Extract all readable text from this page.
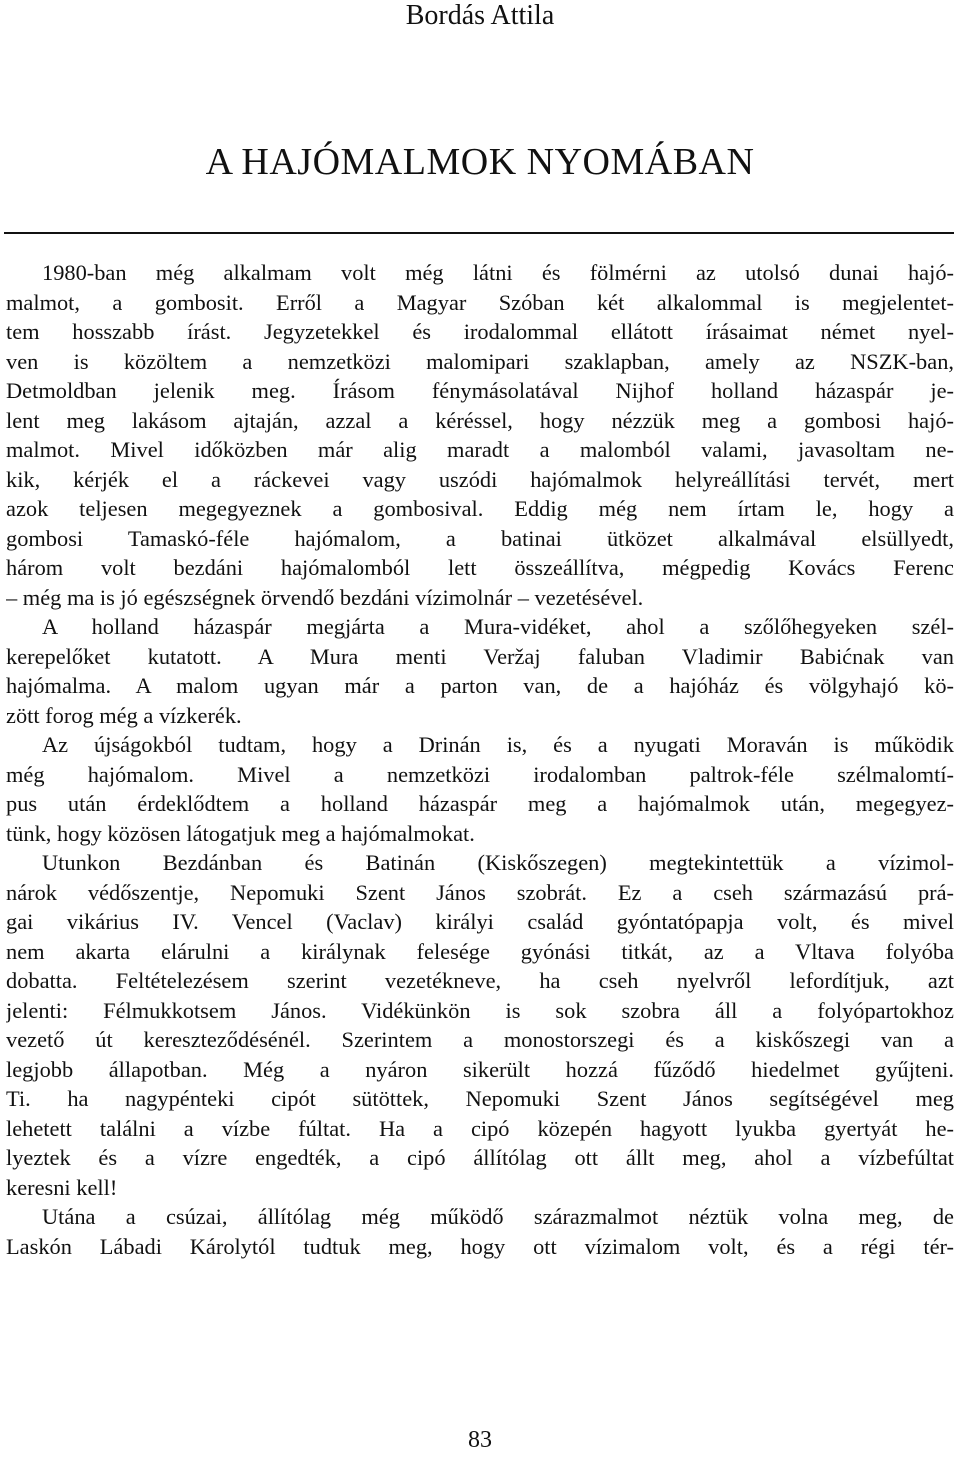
Bordás Attila
A HAJÓMALMOK NYOMÁBAN
1980-ban még alkalmam volt még látni és fölmérni az utolsó dunai hajó-
malmot, a gombosit. Erről a Magyar Szóban két alkalommal is megjelentet-
tem hosszabb írást. Jegyzetekkel és irodalommal ellátott írásaimat német nyel-
ven is közöltem a nemzetközi malomipari szaklapban, amely az NSZK-ban,
Detmoldban jelenik meg. Írásom fénymásolatával Nijhof holland házaspár je-
lent meg lakásom ajtaján, azzal a kéréssel, hogy nézzük meg a gombosi hajó-
malmot. Mivel időközben már alig maradt a malomból valami, javasoltam ne-
kik, kérjék el a ráckevei vagy uszódi hajómalmok helyreállítási tervét, mert
azok teljesen megegyeznek a gombosival. Eddig még nem írtam le, hogy a
gombosi Tamaskó-féle hajómalom, a batinai ütközet alkalmával elsüllyedt,
három volt bezdáni hajómalomból lett összeállítva, mégpedig Kovács Ferenc
– még ma is jó egészségnek örvendő bezdáni vízimolnár – vezetésével.
A holland házaspár megjárta a Mura-vidéket, ahol a szőlőhegyeken szél-
kerepelőket kutatott. A Mura menti Veržaj faluban Vladimir Babićnak van
hajómalma. A malom ugyan már a parton van, de a hajóház és völgyhajó kö-
zött forog még a vízkerék.
Az újságokból tudtam, hogy a Drinán is, és a nyugati Moraván is működik
még hajómalom. Mivel a nemzetközi irodalomban paltrok-féle szélmalomtí-
pus után érdeklődtem a holland házaspár meg a hajómalmok után, megegyez-
tünk, hogy közösen látogatjuk meg a hajómalmokat.
Utunkon Bezdánban és Batinán (Kiskőszegen) megtekintettük a vízimol-
nárok védőszentje, Nepomuki Szent János szobrát. Ez a cseh származású prá-
gai vikárius IV. Vencel (Vaclav) királyi család gyóntatópapja volt, és mivel
nem akarta elárulni a királynak felesége gyónási titkát, az a Vltava folyóba
dobatta. Feltételezésem szerint vezetékneve, ha cseh nyelvről lefordítjuk, azt
jelenti: Félmukkotsem János. Vidékünkön is sok szobra áll a folyópartokhoz
vezető út kereszteződésénél. Szerintem a monostorszegi és a kiskőszegi van a
legjobb állapotban. Még a nyáron sikerült hozzá fűződő hiedelmet gyűjteni.
Ti. ha nagypénteki cipót sütöttek, Nepomuki Szent János segítségével meg
lehetett találni a vízbe fúltat. Ha a cipó közepén hagyott lyukba gyertyát he-
lyeztek és a vízre engedték, a cipó állítólag ott állt meg, ahol a vízbefúltat
keresni kell!
Utána a csúzai, állítólag még működő szárazmalmot néztük volna meg, de
Laskón Lábadi Károlytól tudtuk meg, hogy ott vízimalom volt, és a régi tér-
83
